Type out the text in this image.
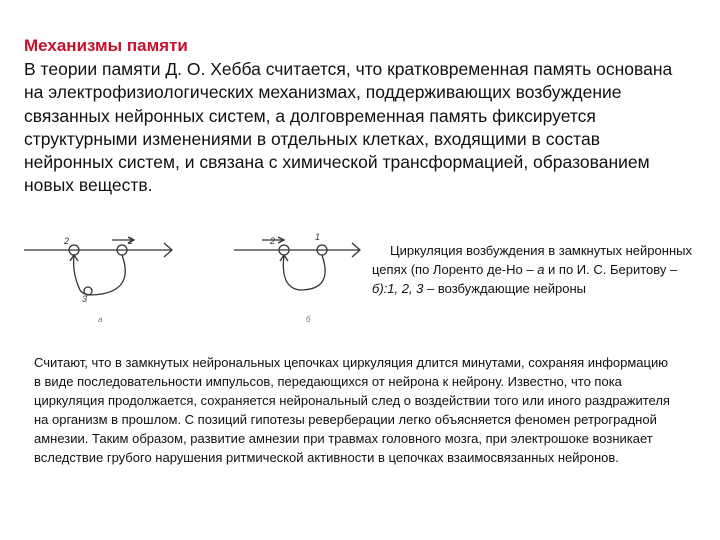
Механизмы памяти

В теории памяти Д. О. Хебба считается, что кратковременная память основана на электрофизиологических механизмах, поддерживающих возбуждение связанных нейронных систем, а долговременная память фиксируется структурными изменениями в отдельных клетках, входящими в состав нейронных систем, и связана с химической трансформацией, образованием новых веществ.

1
2
3
а
2	1
б

Циркуляция возбуждения в замкнутых нейронных цепях (по Лоренто де-Но – а и по И. С. Беритову – б):1, 2, 3 – возбуждающие нейроны

Считают, что в замкнутых нейрональных цепочках циркуляция длится минутами, сохраняя информацию в виде последовательности импульсов, передающихся от нейрона к нейрону. Известно, что пока циркуляция продолжается, сохраняется нейрональный след о воздействии того или иного раздражителя на организм в прошлом. С позиций гипотезы реверберации легко объясняется феномен ретроградной амнезии. Таким образом, развитие амнезии при травмах головного мозга, при электрошоке возникает вследствие грубого нарушения ритмической активности в цепочках взаимосвязанных нейронов.
